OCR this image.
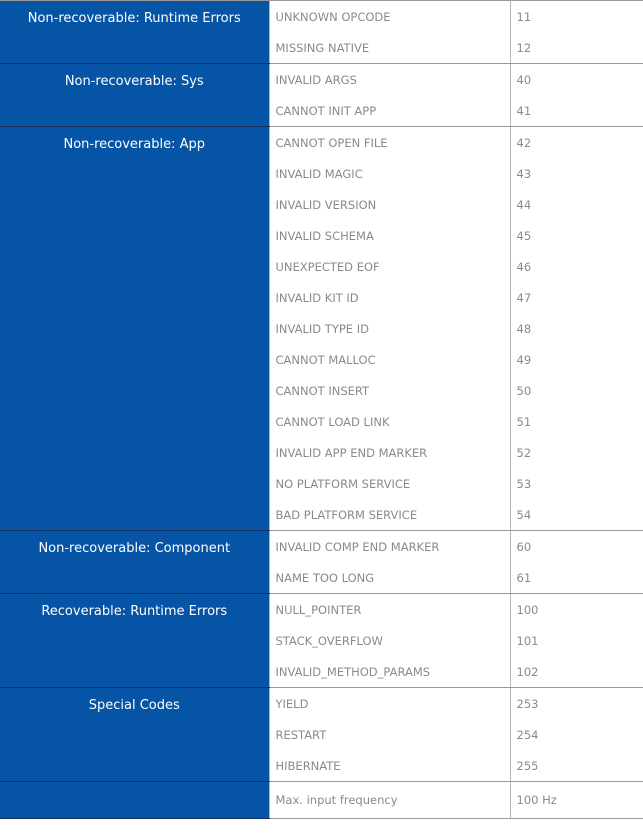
Non-recoverable: Runtime Errors	UNKNOWN OPCODE	11
	MISSING NATIVE	12
Non-recoverable: Sys	INVALID ARGS	40
	CANNOT INIT APP	41
Non-recoverable: App	CANNOT OPEN FILE	42
	INVALID MAGIC	43
	INVALID VERSION	44
	INVALID SCHEMA	45
	UNEXPECTED EOF	46
	INVALID KIT ID	47
	INVALID TYPE ID	48
	CANNOT MALLOC	49
	CANNOT INSERT	50
	CANNOT LOAD LINK	51
	INVALID APP END MARKER	52
	NO PLATFORM SERVICE	53
	BAD PLATFORM SERVICE	54
Non-recoverable: Component	INVALID COMP END MARKER	60
	NAME TOO LONG	61
Recoverable: Runtime Errors	NULL_POINTER	100
	STACK_OVERFLOW	101
	INVALID_METHOD_PARAMS	102
Special Codes	YIELD	253
	RESTART	254
	HIBERNATE	255
	Max. input frequency	100 Hz
